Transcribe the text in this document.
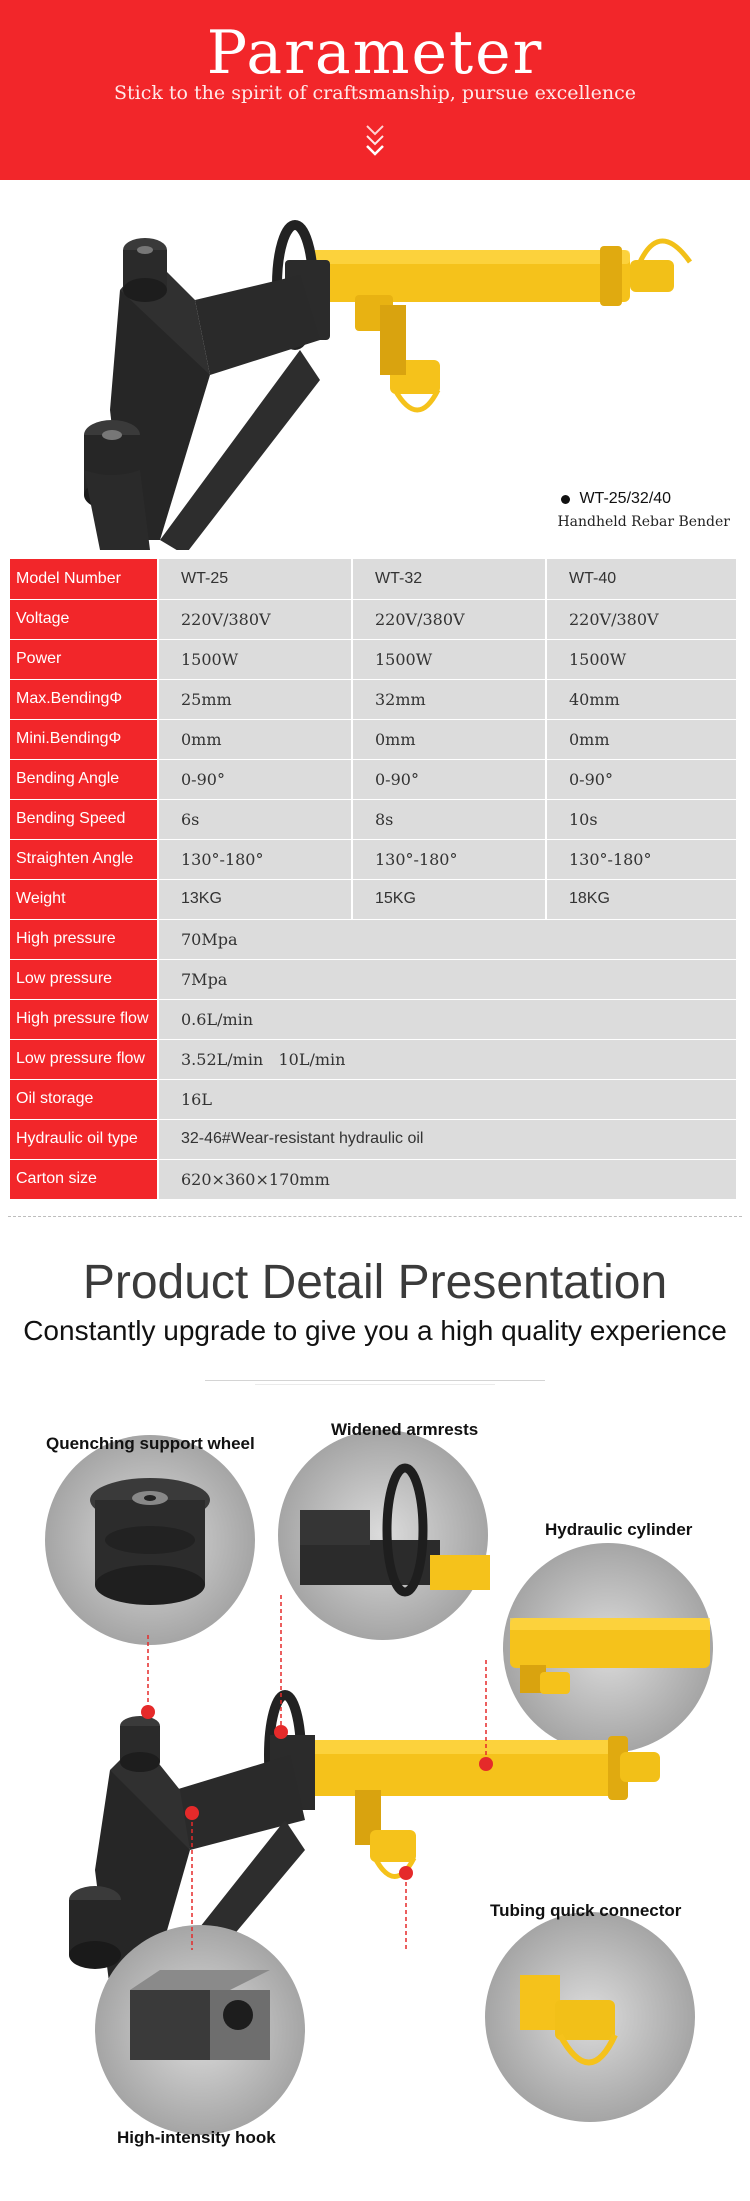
Parameter
Stick to the spirit of craftsmanship, pursue excellence
WT-25/32/40
Handheld Rebar Bender
Model Number	WT-25	WT-32	WT-40
Voltage	220V/380V	220V/380V	220V/380V
Power	1500W	1500W	1500W
Max.BendingΦ	25mm	32mm	40mm
Mini.BendingΦ	0mm	0mm	0mm
Bending Angle	0-90°	0-90°	0-90°
Bending Speed	6s	8s	10s
Straighten Angle	130°-180°	130°-180°	130°-180°
Weight	13KG	15KG	18KG
High pressure	70Mpa		
Low pressure	7Mpa		
High pressure flow	0.6L/min		
Low pressure flow	3.52L/min   10L/min		
Oil storage	16L		
Hydraulic oil type	32-46#Wear-resistant hydraulic oil		
Carton size	620×360×170mm		
Product Detail Presentation
Constantly upgrade to give you a high quality experience
Quenching support wheel
Widened armrests
Hydraulic cylinder
Tubing quick connector
High-intensity hook
